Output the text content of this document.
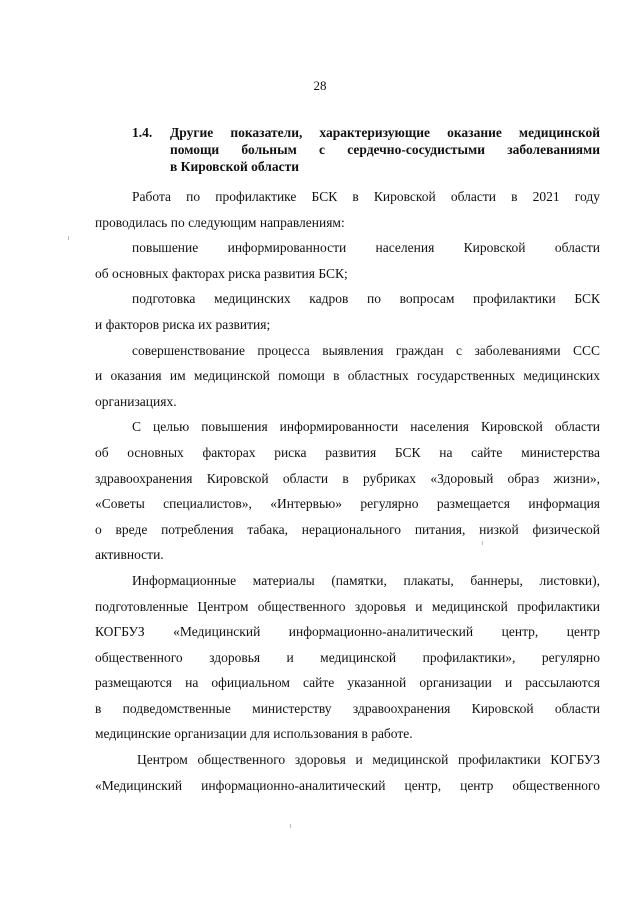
28
1.4. Другие показатели, характеризующие оказание медицинской
помощи больным с сердечно-сосудистыми заболеваниями
в Кировской области
Работа по профилактике БСК в Кировской области в 2021 году
проводилась по следующим направлениям:
повышение информированности населения Кировской области
об основных факторах риска развития БСК;
подготовка медицинских кадров по вопросам профилактики БСК
и факторов риска их развития;
совершенствование процесса выявления граждан с заболеваниями ССС
и оказания им медицинской помощи в областных государственных медицинских
организациях.
С целью повышения информированности населения Кировской области
об основных факторах риска развития БСК на сайте министерства
здравоохранения Кировской области в рубриках «Здоровый образ жизни»,
«Советы специалистов», «Интервью» регулярно размещается информация
о вреде потребления табака, нерационального питания, низкой физической
активности.
Информационные материалы (памятки, плакаты, баннеры, листовки),
подготовленные Центром общественного здоровья и медицинской профилактики
КОГБУЗ «Медицинский информационно-аналитический центр, центр
общественного здоровья и медицинской профилактики», регулярно
размещаются на официальном сайте указанной организации и рассылаются
в подведомственные министерству здравоохранения Кировской области
медицинские организации для использования в работе.
Центром общественного здоровья и медицинской профилактики КОГБУЗ
«Медицинский информационно-аналитический центр, центр общественного
